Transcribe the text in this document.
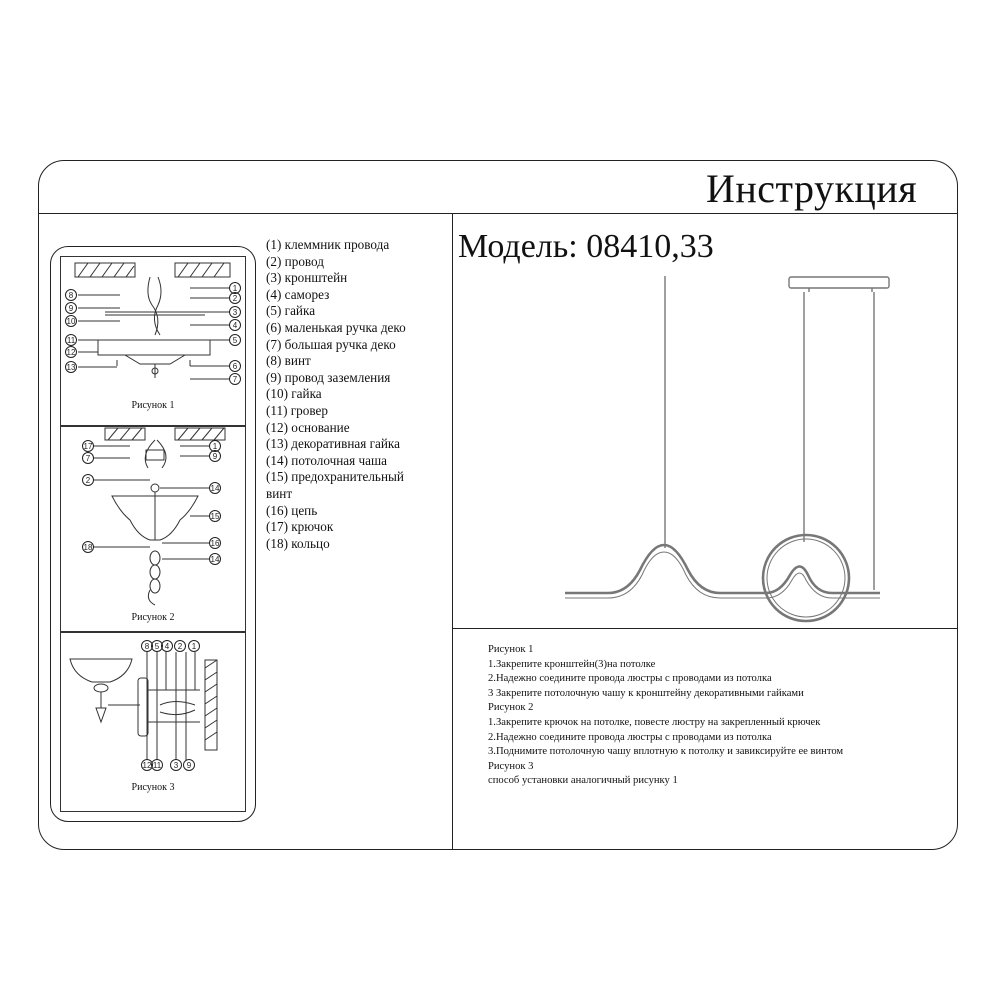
Инструкция
Модель: 08410,33
Рисунок 1
Рисунок 2
Рисунок 3
(1) клеммник провода
(2) провод
(3) кронштейн
(4) саморез
(5) гайка
(6) маленькая ручка деко
(7) большая ручка деко
(8) винт
(9) провод заземления
(10) гайка
(11) гровер
(12) основание
(13) декоративная гайка
(14) потолочная чаша
(15) предохранительный
винт
(16) цепь
(17) крючок
(18) кольцо
Рисунок 1
1.Закрепите кронштейн(3)на потолке
2.Надежно соедините провода люстры с проводами из потолка
3 Закрепите потолочную чашу к кронштейну декоративными гайками
Рисунок 2
1.Закрепите крючок на потолке, повесте люстру на закрепленный крючек
2.Надежно соедините провода люстры с проводами из потолка
3.Поднимите потолочную чашу вплотную к потолку и завиксируйте ее винтом
Рисунок 3
способ установки аналогичный рисунку 1
8
9
10
11
12
13
1
2
3
4
5
6
7
17
7
2
18
1
9
14
15
16
14
8 5 4 2 1
12 11 3 9
